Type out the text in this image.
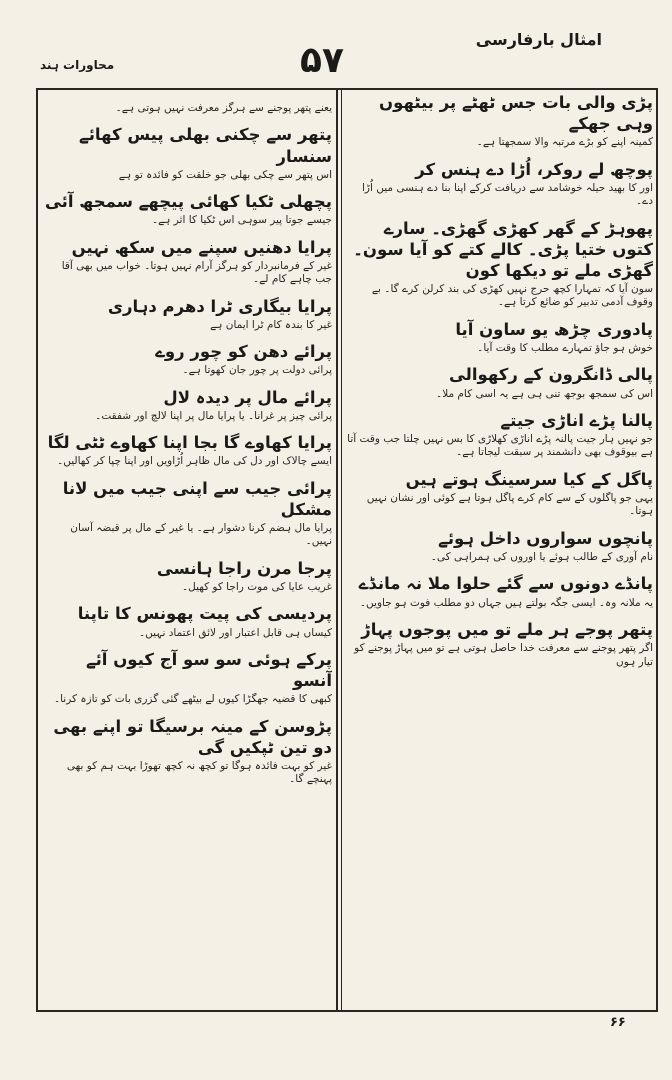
امثال بارفارسی
۵۷
محاورات ہند
پڑی والی بات جس ٹھٹے پر بیٹھوں وہی جھکے
کمینہ اپنے کو بڑے مرتبہ والا سمجھتا ہے۔
پوچھ لے روکر، اُڑا دے ہنس کر
اور کا بھید حیلہ خوشامد سے دریافت کرکے اپنا بنا دے ہنسی میں اُڑا دے۔
پھوہڑ کے گھر کھڑی گھڑی۔ سارے کتوں ختیا پڑی۔ کالے کتے کو آیا سون۔ گھڑی ملے تو دیکھا کون
سون آیا کہ تمہارا کچھ حرج نہیں کھڑی کی بند کرلن کرے گا۔ بے وقوف آدمی تدبیر کو ضائع کرتا ہے۔
پادوری چڑھ یو ساون آیا
خوش ہو جاؤ تمہارے مطلب کا وقت آیا۔
پالی ڈانگرون کے رکھوالی
اس کی سمجھ بوجھ تنی ہی ہے یہ اسی کام ملا۔
پالنا پڑے اناڑی جیتے
جو نہیں ہار جیت پالنہ پڑے اناڑی کھلاڑی کا بس نہیں چلتا جب وقت آتا ہے بیوقوف بھی دانشمند پر سبقت لیجاتا ہے۔
پاگل کے کیا سرسینگ ہوتے ہیں
یہی جو پاگلوں کے سے کام کرے پاگل ہوتا ہے کوئی اور نشان نہیں ہوتا۔
پانچوں سواروں داخل ہوئے
نام آوری کے طالب ہوئے یا اوروں کی ہمراہی کی۔
پانڈے دونوں سے گئے حلوا ملا نہ مانڈے
یہ ملانہ وہ۔ ایسی جگہ بولتے ہیں جہاں دو مطلب فوت ہو جاویں۔
پتھر پوجے ہر ملے تو میں پوجوں پہاڑ
اگر پتھر پوجنے سے معرفت خدا حاصل ہوتی ہے تو میں پہاڑ پوجنے کو تیار ہوں
یعنے پتھر پوجنے سے ہرگز معرفت نہیں ہوتی ہے۔
پتھر سے چکنی بھلی پیس کھائے سنسار
اس پتھر سے چکی بھلی جو خلقت کو فائدہ تو ہے
پچھلی ٹکیا کھائی پیچھے سمجھ آئی
جیسے جوتا پیر سوہی اس ٹکیا کا اثر ہے۔
پرایا دھنیں سپنے میں سکھ نہیں
غیر کے فرمانبردار کو ہرگز آرام نہیں ہوتا۔ خواب میں بھی آقا جب چاہے کام لے۔
پرایا بیگاری ٹرا دھرم دہاری
غیر کا بندہ کام ٹرا ایمان ہے
پرائے دھن کو چور روے
پرائی دولت پر چور جان کھوتا ہے۔
پرائے مال پر دیدہ لال
پرائی چیز پر غرانا۔ یا پرایا مال پر اپنا لالچ اور شفقت۔
پرایا کھاوے گا بجا اپنا کھاوے ٹٹی لگا
ایسے چالاک اور دل کی مال ظاہر اُڑاویں اور اپنا چپا کر کھالیں۔
پرائی جیب سے اپنی جیب میں لانا مشکل
پرایا مال ہضم کرنا دشوار ہے۔ یا غیر کے مال پر قبضہ آسان نہیں۔
پرجا مرن راجا ہانسی
غریب عایا کی موت راجا کو کھیل۔
پردیسی کی پیت پھونس کا تاپنا
کیساں ہی قابل اعتبار اور لائق اعتماد نہیں۔
پرکے ہوئی سو سو آج کیوں آئے آنسو
کبھی کا قضیہ جھگڑا کیوں لے بیٹھے گئی گزری بات کو تازہ کرنا۔
پڑوسن کے مینہ برسیگا تو اپنے بھی دو تین ٹپکیں گی
غیر کو بہت فائدہ ہوگا تو کچھ نہ کچھ تھوڑا بہت ہم کو بھی پہنچے گا۔
۶۶
